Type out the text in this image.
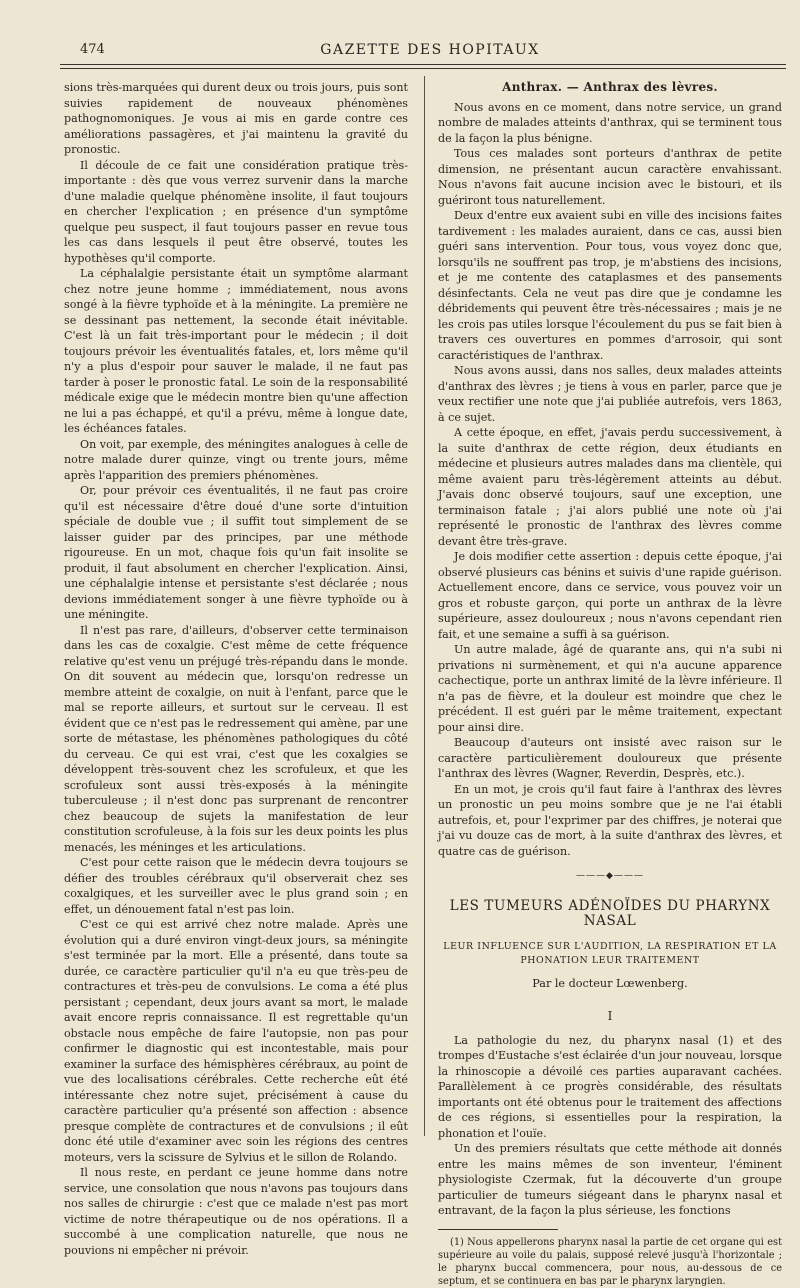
474	GAZETTE DES HOPITAUX

sions très-marquées qui durent deux ou trois jours, puis sont suivies rapidement de nouveaux phénomènes pathognomoniques. Je vous ai mis en garde contre ces améliorations passagères, et j'ai maintenu la gravité du pronostic.

Il découle de ce fait une considération pratique très-importante : dès que vous verrez survenir dans la marche d'une maladie quelque phénomène insolite, il faut toujours en chercher l'explication ; en présence d'un symptôme quelque peu suspect, il faut toujours passer en revue tous les cas dans lesquels il peut être observé, toutes les hypothèses qu'il comporte.

La céphalalgie persistante était un symptôme alarmant chez notre jeune homme ; immédiatement, nous avons songé à la fièvre typhoïde et à la méningite. La première ne se dessinant pas nettement, la seconde était inévitable. C'est là un fait très-important pour le médecin ; il doit toujours prévoir les éventualités fatales, et, lors même qu'il n'y a plus d'espoir pour sauver le malade, il ne faut pas tarder à poser le pronostic fatal. Le soin de la responsabilité médicale exige que le médecin montre bien qu'une affection ne lui a pas échappé, et qu'il a prévu, même à longue date, les échéances fatales.

On voit, par exemple, des méningites analogues à celle de notre malade durer quinze, vingt ou trente jours, même après l'apparition des premiers phénomènes.

Or, pour prévoir ces éventualités, il ne faut pas croire qu'il est nécessaire d'être doué d'une sorte d'intuition spéciale de double vue ; il suffit tout simplement de se laisser guider par des principes, par une méthode rigoureuse. En un mot, chaque fois qu'un fait insolite se produit, il faut absolument en chercher l'explication. Ainsi, une céphalalgie intense et persistante s'est déclarée ; nous devions immédiatement songer à une fièvre typhoïde ou à une méningite.

Il n'est pas rare, d'ailleurs, d'observer cette terminaison dans les cas de coxalgie. C'est même de cette fréquence relative qu'est venu un préjugé très-répandu dans le monde. On dit souvent au médecin que, lorsqu'on redresse un membre atteint de coxalgie, on nuit à l'enfant, parce que le mal se reporte ailleurs, et surtout sur le cerveau. Il est évident que ce n'est pas le redressement qui amène, par une sorte de métastase, les phénomènes pathologiques du côté du cerveau. Ce qui est vrai, c'est que les coxalgies se développent très-souvent chez les scrofuleux, et que les scrofuleux sont aussi très-exposés à la méningite tuberculeuse ; il n'est donc pas surprenant de rencontrer chez beaucoup de sujets la manifestation de leur constitution scrofuleuse, à la fois sur les deux points les plus menacés, les méninges et les articulations.

C'est pour cette raison que le médecin devra toujours se défier des troubles cérébraux qu'il observerait chez ses coxalgiques, et les surveiller avec le plus grand soin ; en effet, un dénouement fatal n'est pas loin.

C'est ce qui est arrivé chez notre malade. Après une évolution qui a duré environ vingt-deux jours, sa méningite s'est terminée par la mort. Elle a présenté, dans toute sa durée, ce caractère particulier qu'il n'a eu que très-peu de contractures et très-peu de convulsions. Le coma a été plus persistant ; cependant, deux jours avant sa mort, le malade avait encore repris connaissance. Il est regrettable qu'un obstacle nous empêche de faire l'autopsie, non pas pour confirmer le diagnostic qui est incontestable, mais pour examiner la surface des hémisphères cérébraux, au point de vue des localisations cérébrales. Cette recherche eût été intéressante chez notre sujet, précisément à cause du caractère particulier qu'a présenté son affection : absence presque complète de contractures et de convulsions ; il eût donc été utile d'examiner avec soin les régions des centres moteurs, vers la scissure de Sylvius et le sillon de Rolando.

Il nous reste, en perdant ce jeune homme dans notre service, une consolation que nous n'avons pas toujours dans nos salles de chirurgie : c'est que ce malade n'est pas mort victime de notre thérapeutique ou de nos opérations. Il a succombé à une complication naturelle, que nous ne pouvions ni empêcher ni prévoir.

Anthrax. — Anthrax des lèvres.

Nous avons en ce moment, dans notre service, un grand nombre de malades atteints d'anthrax, qui se terminent tous de la façon la plus bénigne.

Tous ces malades sont porteurs d'anthrax de petite dimension, ne présentant aucun caractère envahissant. Nous n'avons fait aucune incision avec le bistouri, et ils guériront tous naturellement.

Deux d'entre eux avaient subi en ville des incisions faites tardivement : les malades auraient, dans ce cas, aussi bien guéri sans intervention. Pour tous, vous voyez donc que, lorsqu'ils ne souffrent pas trop, je m'abstiens des incisions, et je me contente des cataplasmes et des pansements désinfectants. Cela ne veut pas dire que je condamne les débridements qui peuvent être très-nécessaires ; mais je ne les crois pas utiles lorsque l'écoulement du pus se fait bien à travers ces ouvertures en pommes d'arrosoir, qui sont caractéristiques de l'anthrax.

Nous avons aussi, dans nos salles, deux malades atteints d'anthrax des lèvres ; je tiens à vous en parler, parce que je veux rectifier une note que j'ai publiée autrefois, vers 1863, à ce sujet.

A cette époque, en effet, j'avais perdu successivement, à la suite d'anthrax de cette région, deux étudiants en médecine et plusieurs autres malades dans ma clientèle, qui même avaient paru très-légèrement atteints au début. J'avais donc observé toujours, sauf une exception, une terminaison fatale ; j'ai alors publié une note où j'ai représenté le pronostic de l'anthrax des lèvres comme devant être très-grave.

Je dois modifier cette assertion : depuis cette époque, j'ai observé plusieurs cas bénins et suivis d'une rapide guérison. Actuellement encore, dans ce service, vous pouvez voir un gros et robuste garçon, qui porte un anthrax de la lèvre supérieure, assez douloureux ; nous n'avons cependant rien fait, et une semaine a suffi à sa guérison.

Un autre malade, âgé de quarante ans, qui n'a subi ni privations ni surmènement, et qui n'a aucune apparence cachectique, porte un anthrax limité de la lèvre inférieure. Il n'a pas de fièvre, et la douleur est moindre que chez le précédent. Il est guéri par le même traitement, expectant pour ainsi dire.

Beaucoup d'auteurs ont insisté avec raison sur le caractère particulièrement douloureux que présente l'anthrax des lèvres (Wagner, Reverdin, Desprès, etc.).

En un mot, je crois qu'il faut faire à l'anthrax des lèvres un pronostic un peu moins sombre que je ne l'ai établi autrefois, et, pour l'exprimer par des chiffres, je noterai que j'ai vu douze cas de mort, à la suite d'anthrax des lèvres, et quatre cas de guérison.

———◆———
LES TUMEURS ADÉNOÏDES DU PHARYNX NASAL
LEUR INFLUENCE SUR L'AUDITION, LA RESPIRATION ET LA PHONATION LEUR TRAITEMENT
Par le docteur Lœwenberg.
I

La pathologie du nez, du pharynx nasal (1) et des trompes d'Eustache s'est éclairée d'un jour nouveau, lorsque la rhinoscopie a dévoilé ces parties auparavant cachées. Parallèlement à ce progrès considérable, des résultats importants ont été obtenus pour le traitement des affections de ces régions, si essentielles pour la respiration, la phonation et l'ouïe.

Un des premiers résultats que cette méthode ait donnés entre les mains mêmes de son inventeur, l'éminent physiologiste Czermak, fut la découverte d'un groupe particulier de tumeurs siégeant dans le pharynx nasal et entravant, de la façon la plus sérieuse, les fonctions

(1) Nous appellerons pharynx nasal la partie de cet organe qui est supérieure au voile du palais, supposé relevé jusqu'à l'horizontale ; le pharynx buccal commencera, pour nous, au-dessous de ce septum, et se continuera en bas par le pharynx laryngien.
